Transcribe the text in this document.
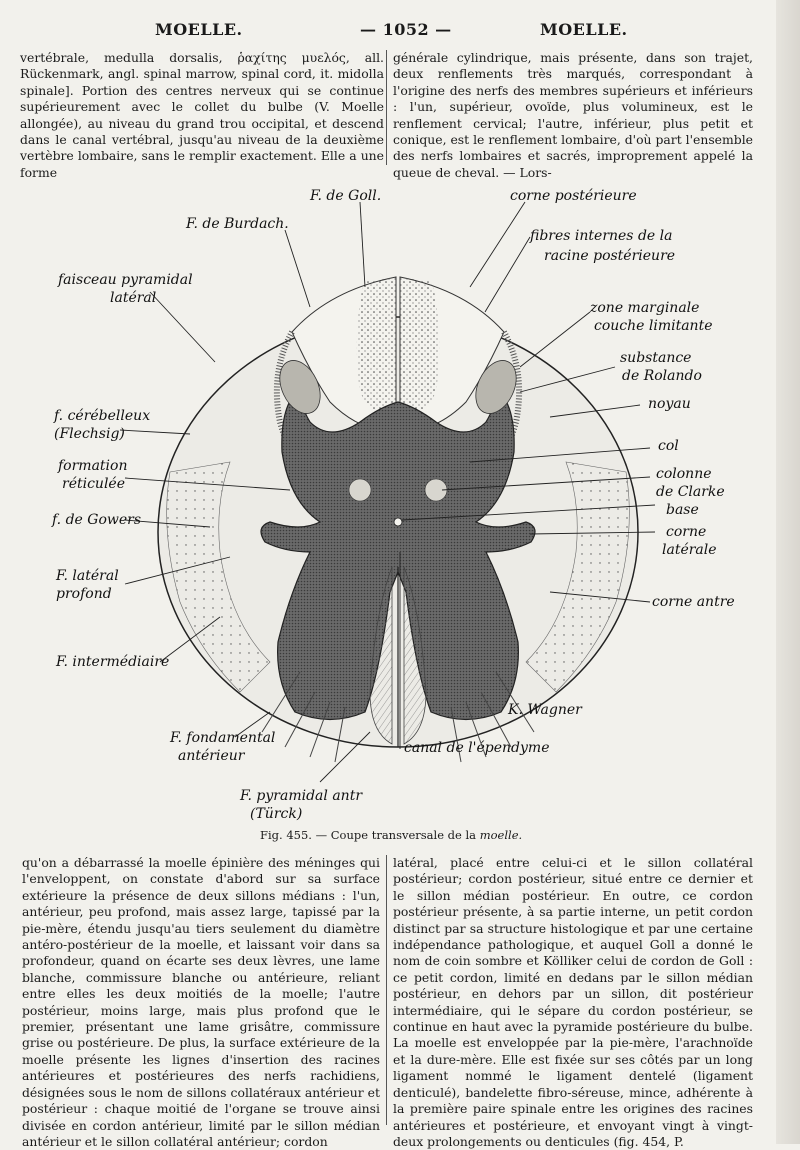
MOELLE.	— 1052 —	MOELLE.

vertébrale, medulla dorsalis, ῥαχίτης μυελός, all. Rückenmark, angl. spinal marrow, spinal cord, it. midolla spinale]. Portion des centres nerveux qui se continue supérieurement avec le collet du bulbe (V. Moelle allongée), au niveau du grand trou occipital, et descend dans le canal vertébral, jusqu'au niveau de la deuxième vertèbre lombaire, sans le remplir exactement. Elle a une forme

générale cylindrique, mais présente, dans son trajet, deux renflements très marqués, correspondant à l'origine des nerfs des membres supérieurs et inférieurs : l'un, supérieur, ovoïde, plus volumineux, est le renflement cervical; l'autre, inférieur, plus petit et conique, est le renflement lombaire, d'où part l'ensemble des nerfs lombaires et sacrés, improprement appelé la queue de cheval. — Lors-

F. de Goll.
F. de Burdach.
faisceau pyramidal
latéral
f. cérébelleux
(Flechsig)
formation
réticulée
f. de Gowers
F. latéral
profond
F. intermédiaire
F. fondamental
antérieur
F. pyramidal antr
(Türck)
corne postérieure
fibres internes de la
racine postérieure
zone marginale
couche limitante
substance
de Rolando
noyau
col
colonne
de Clarke
base
corne
latérale
corne antre
canal de l'épendyme
K. Wagner
Fig. 455. — Coupe transversale de la moelle.

qu'on a débarrassé la moelle épinière des méninges qui l'enveloppent, on constate d'abord sur sa surface extérieure la présence de deux sillons médians : l'un, antérieur, peu profond, mais assez large, tapissé par la pie-mère, étendu jusqu'au tiers seulement du diamètre antéro-postérieur de la moelle, et laissant voir dans sa profondeur, quand on écarte ses deux lèvres, une lame blanche, commissure blanche ou antérieure, reliant entre elles les deux moitiés de la moelle; l'autre postérieur, moins large, mais plus profond que le premier, présentant une lame grisâtre, commissure grise ou postérieure. De plus, la surface extérieure de la moelle présente les lignes d'insertion des racines antérieures et postérieures des nerfs rachidiens, désignées sous le nom de sillons collatéraux antérieur et postérieur : chaque moitié de l'organe se trouve ainsi divisée en cordon antérieur, limité par le sillon médian antérieur et le sillon collatéral antérieur; cordon

latéral, placé entre celui-ci et le sillon collatéral postérieur; cordon postérieur, situé entre ce dernier et le sillon médian postérieur. En outre, ce cordon postérieur présente, à sa partie interne, un petit cordon distinct par sa structure histologique et par une certaine indépendance pathologique, et auquel Goll a donné le nom de coin sombre et Kölliker celui de cordon de Goll : ce petit cordon, limité en dedans par le sillon médian postérieur, en dehors par un sillon, dit postérieur intermédiaire, qui le sépare du cordon postérieur, se continue en haut avec la pyramide postérieure du bulbe. La moelle est enveloppée par la pie-mère, l'arachnoïde et la dure-mère. Elle est fixée sur ses côtés par un long ligament nommé le ligament dentelé (ligament denticulé), bandelette fibro-séreuse, mince, adhérente à la première paire spinale entre les origines des racines antérieures et postérieure, et envoyant vingt à vingt-deux prolongements ou denticules (fig. 454, P.
